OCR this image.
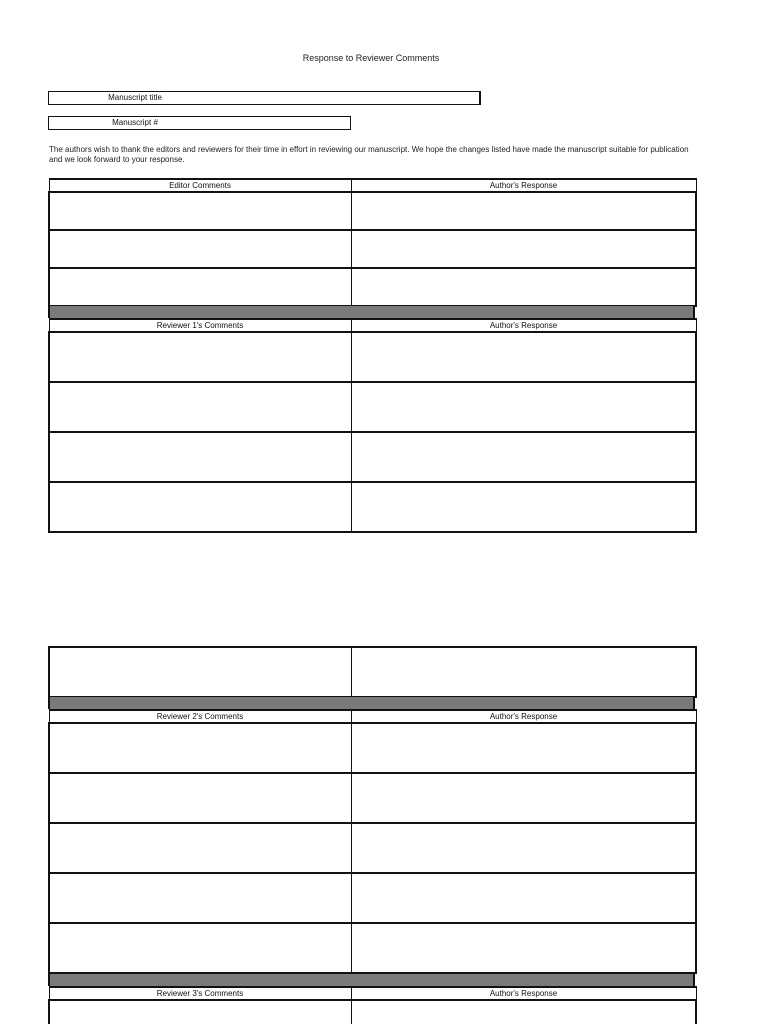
Response to Reviewer Comments
Manuscript title
Manuscript #
The authors wish to thank the editors and reviewers for their time in effort in reviewing our manuscript. We hope the changes listed have made the manuscript suitable for publication and we look forward to your response.
Editor Comments	Author's Response

Reviewer 1's Comments	Author's Response

Reviewer 2's Comments	Author's Response

Reviewer 3's Comments	Author's Response
